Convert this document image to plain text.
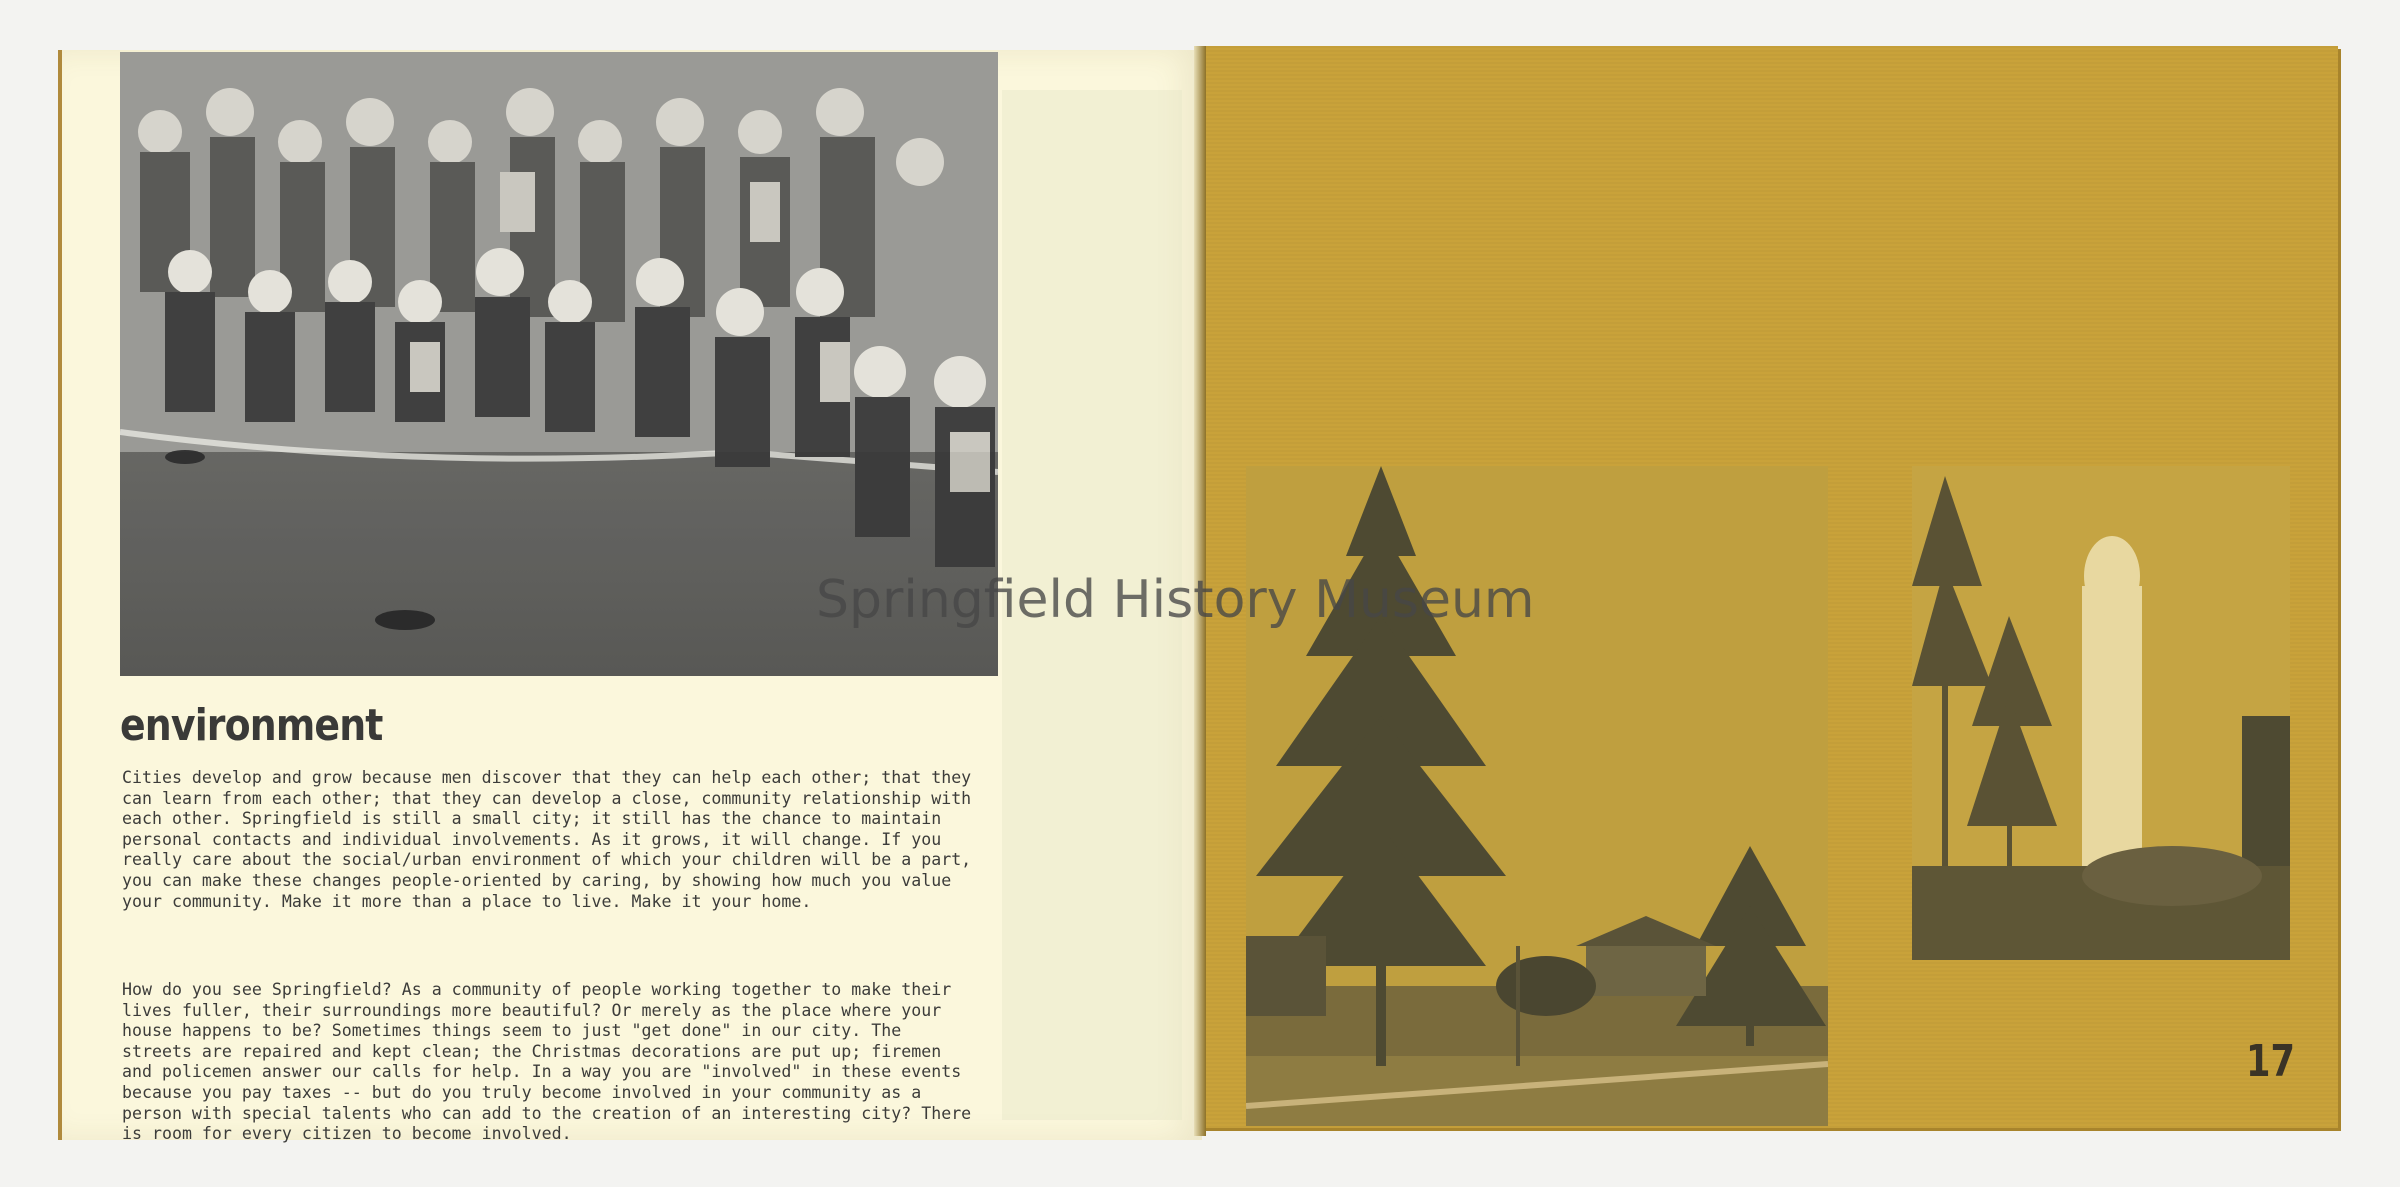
environment

Cities develop and grow because men discover that they can help each other; that they
can learn from each other; that they can develop a close, community relationship with
each other. Springfield is still a small city; it still has the chance to maintain
personal contacts and individual involvements. As it grows, it will change. If you
really care about the social/urban environment of which your children will be a part,
you can make these changes people-oriented by caring, by showing how much you value
your community. Make it more than a place to live. Make it your home.

How do you see Springfield? As a community of people working together to make their
lives fuller, their surroundings more beautiful? Or merely as the place where your
house happens to be? Sometimes things seem to just "get done" in our city. The
streets are repaired and kept clean; the Christmas decorations are put up; firemen
and policemen answer our calls for help. In a way you are "involved" in these events
because you pay taxes -- but do you truly become involved in your community as a
person with special talents who can add to the creation of an interesting city? There
is room for every citizen to become involved.

17
Springfield History Museum
